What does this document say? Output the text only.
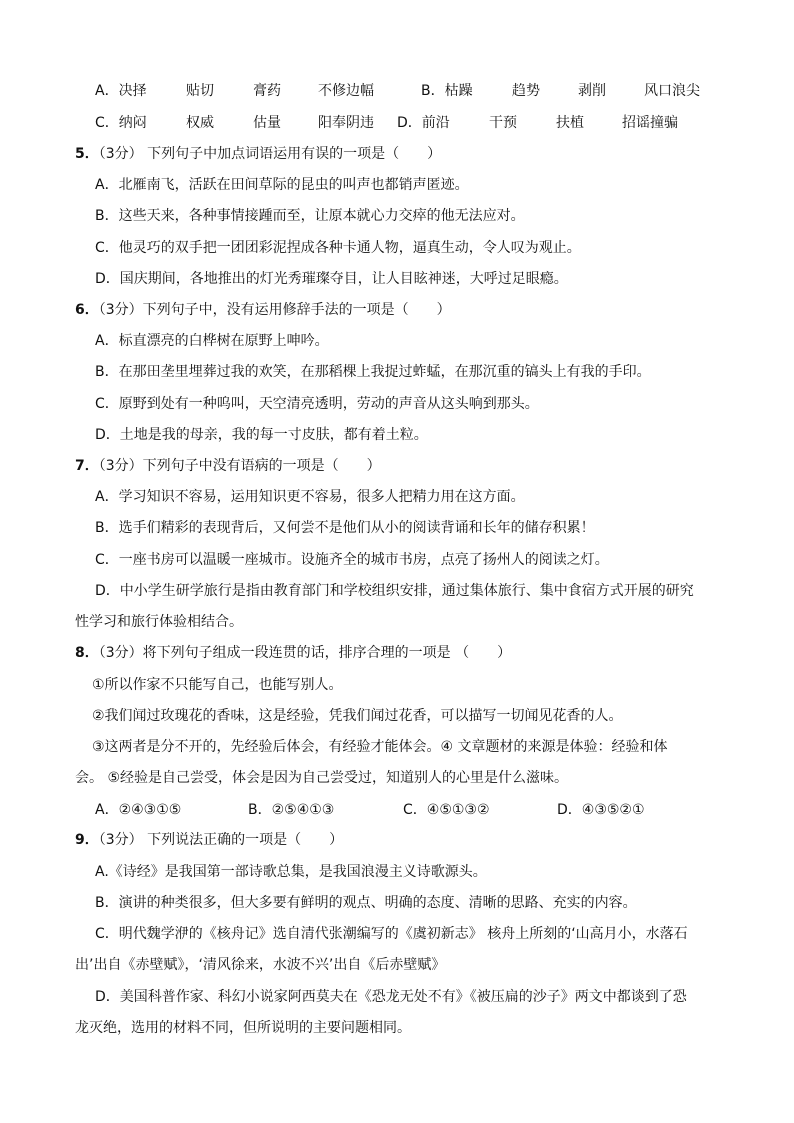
A．决择	贴切	膏药	不修边幅	B．枯躁	趋势	剥削	风口浪尖
C．纳闷	权威	估量	阳奉阴违 D．前沿	干预	扶植	招谣撞骗
5．（3分） 下列句子中加点词语运用有误的一项是（　　）
A．北雁南飞，活跃在田间草际的昆虫的叫声也都销声匿迹。
B．这些天来，各种事情接踵而至，让原本就心力交瘁的他无法应对。
C．他灵巧的双手把一团团彩泥捏成各种卡通人物，逼真生动，令人叹为观止。
D．国庆期间，各地推出的灯光秀璀璨夺目，让人目眩神迷，大呼过足眼瘾。
6．（3分）下列句子中，没有运用修辞手法的一项是（　　）
A．标直漂亮的白桦树在原野上呻吟。
B．在那田垄里埋葬过我的欢笑，在那稻棵上我捉过蚱蜢，在那沉重的镐头上有我的手印。
C．原野到处有一种呜叫，天空清亮透明，劳动的声音从这头响到那头。
D．土地是我的母亲，我的每一寸皮肤，都有着土粒。
7．（3分）下列句子中没有语病的一项是（　　）
A．学习知识不容易，运用知识更不容易，很多人把精力用在这方面。
B．选手们精彩的表现背后，又何尝不是他们从小的阅读背诵和长年的储存积累！
C．一座书房可以温暖一座城市。设施齐全的城市书房，点亮了扬州人的阅读之灯。
D．中小学生研学旅行是指由教育部门和学校组织安排，通过集体旅行、集中食宿方式开展的研究
性学习和旅行体验相结合。
8．（3分）将下列句子组成一段连贯的话，排序合理的一项是 （　　）
①所以作家不只能写自己，也能写别人。
②我们闻过玫瑰花的香味，这是经验，凭我们闻过花香，可以描写一切闻见花香的人。
③这两者是分不开的，先经验后体会，有经验才能体会。④ 文章题材的来源是体验：经验和体
会。 ⑤经验是自己尝受，体会是因为自己尝受过，知道别人的心里是什么滋味。
A．②④③①⑤	B．②⑤④①③	C．④⑤①③②	D．④③⑤②①
9．（3分） 下列说法正确的一项是（　　）
A.《诗经》是我国第一部诗歌总集，是我国浪漫主义诗歌源头。
B．演讲的种类很多，但大多要有鲜明的观点、明确的态度、清晰的思路、充实的内容。
C．明代魏学洢的《核舟记》选自清代张潮编写的《虞初新志》 核舟上所刻的‘山高月小，水落石
出’出自《赤壁赋》，‘清风徐来，水波不兴’出自《后赤壁赋》
D．美国科普作家、科幻小说家阿西莫夫在《恐龙无处不有》《被压扁的沙子》两文中都谈到了恐
龙灭绝，选用的材料不同，但所说明的主要问题相同。
